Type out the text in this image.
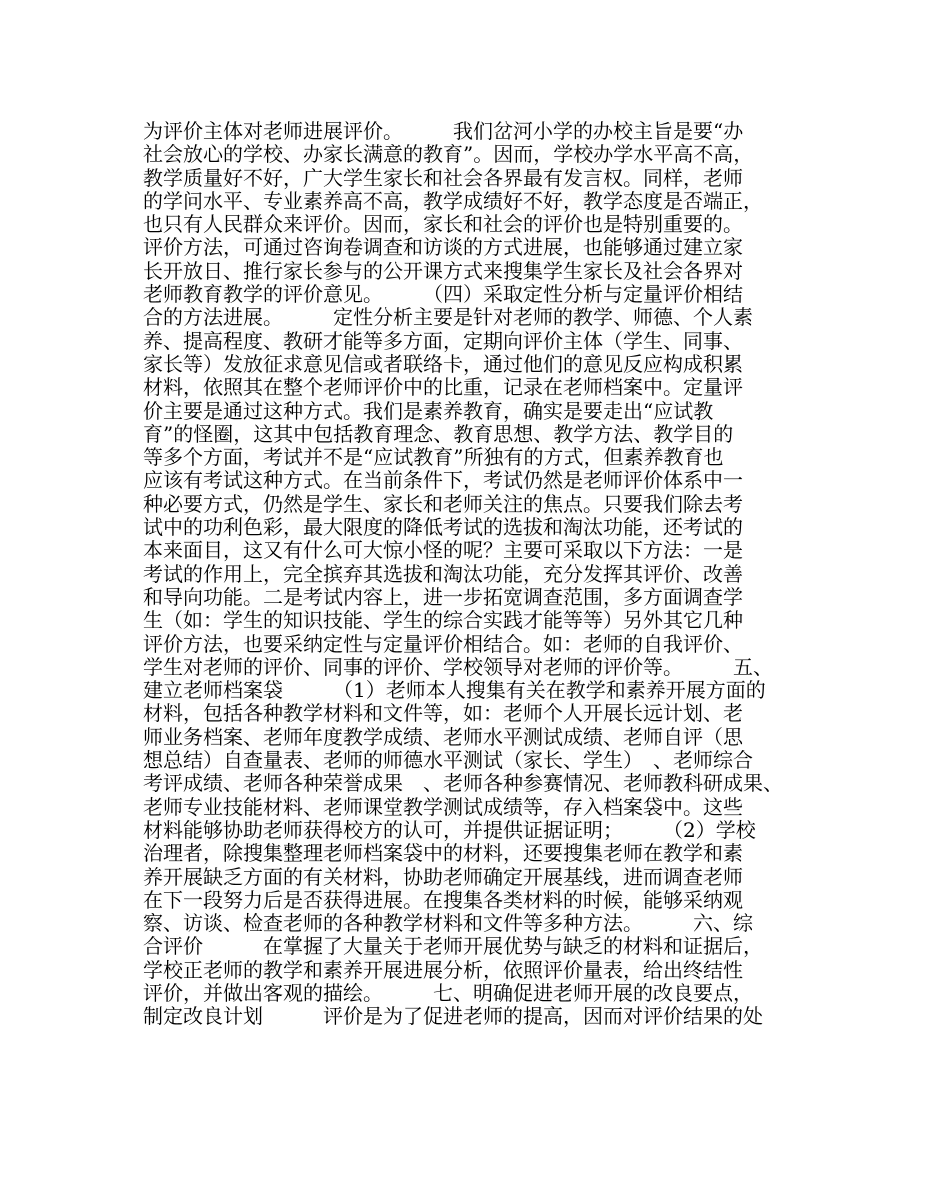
为评价主体对老师进展评价。　　　我们岔河小学的办校主旨是要“办
社会放心的学校、办家长满意的教育”。因而，学校办学水平高不高，
教学质量好不好，广大学生家长和社会各界最有发言权。同样，老师
的学问水平、专业素养高不高，教学成绩好不好，教学态度是否端正，
也只有人民群众来评价。因而，家长和社会的评价也是特别重要的。
评价方法，可通过咨询卷调查和访谈的方式进展，也能够通过建立家
长开放日、推行家长参与的公开课方式来搜集学生家长及社会各界对
老师教育教学的评价意见。　　　（四）采取定性分析与定量评价相结
合的方法进展。　　　定性分析主要是针对老师的教学、师德、个人素
养、提高程度、教研才能等多方面，定期向评价主体（学生、同事、
家长等）发放征求意见信或者联络卡，通过他们的意见反应构成积累
材料，依照其在整个老师评价中的比重，记录在老师档案中。定量评
价主要是通过这种方式。我们是素养教育，确实是要走出“应试教
育”的怪圈，这其中包括教育理念、教育思想、教学方法、教学目的
等多个方面，考试并不是“应试教育”所独有的方式，但素养教育也
应该有考试这种方式。在当前条件下，考试仍然是老师评价体系中一
种必要方式，仍然是学生、家长和老师关注的焦点。只要我们除去考
试中的功利色彩，最大限度的降低考试的选拔和淘汰功能，还考试的
本来面目，这又有什么可大惊小怪的呢？主要可采取以下方法：一是
考试的作用上，完全摈弃其选拔和淘汰功能，充分发挥其评价、改善
和导向功能。二是考试内容上，进一步拓宽调查范围，多方面调查学
生（如：学生的知识技能、学生的综合实践才能等等）另外其它几种
评价方法，也要采纳定性与定量评价相结合。如：老师的自我评价、
学生对老师的评价、同事的评价、学校领导对老师的评价等。　　　五、
建立老师档案袋　　　（1）老师本人搜集有关在教学和素养开展方面的
材料，包括各种教学材料和文件等，如：老师个人开展长远计划、老
师业务档案、老师年度教学成绩、老师水平测试成绩、老师自评（思
想总结）自查量表、老师的师德水平测试（家长、学生）　、老师综合
考评成绩、老师各种荣誉成果　、老师各种参赛情况、老师教科研成果、
老师专业技能材料、老师课堂教学测试成绩等，存入档案袋中。这些
材料能够协助老师获得校方的认可，并提供证据证明；　　　（2）学校
治理者，除搜集整理老师档案袋中的材料，还要搜集老师在教学和素
养开展缺乏方面的有关材料，协助老师确定开展基线，进而调查老师
在下一段努力后是否获得进展。在搜集各类材料的时候，能够采纳观
察、访谈、检查老师的各种教学材料和文件等多种方法。　　　六、综
合评价　　　在掌握了大量关于老师开展优势与缺乏的材料和证据后，
学校正老师的教学和素养开展进展分析，依照评价量表，给出终结性
评价，并做出客观的描绘。　　　七、明确促进老师开展的改良要点，
制定改良计划　　　评价是为了促进老师的提高，因而对评价结果的处
